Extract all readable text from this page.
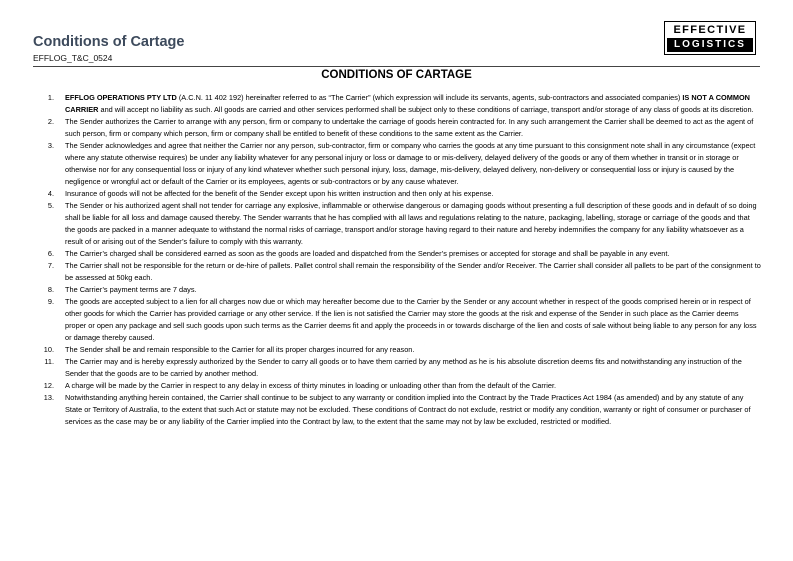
Conditions of Cartage
EFFLOG_T&C_0524
EFFECTIVE
LOGISTICS
CONDITIONS OF CARTAGE
1.	EFFLOG OPERATIONS PTY LTD (A.C.N. 11 402 192) hereinafter referred to as “The Carrier” (which expression will include its servants, agents, sub-contractors and associated companies) IS NOT A COMMON CARRIER and will accept no liability as such. All goods are carried and other services performed shall be subject only to these conditions of carriage, transport and/or storage of any class of goods at its discretion.
2.	The Sender authorizes the Carrier to arrange with any person, firm or company to undertake the carriage of goods herein contracted for. In any such arrangement the Carrier shall be deemed to act as the agent of such person, firm or company which person, firm or company shall be entitled to benefit of these conditions to the same extent as the Carrier.
3.	The Sender acknowledges and agree that neither the Carrier nor any person, sub-contractor, firm or company who carries the goods at any time pursuant to this consignment note shall in any circumstance (expect where any statute otherwise requires) be under any liability whatever for any personal injury or loss or damage to or mis-delivery, delayed delivery of the goods or any of them whether in transit or in storage or otherwise nor for any consequential loss or injury of any kind whatever whether such personal injury, loss, damage, mis-delivery, delayed delivery, non-delivery or consequential loss or injury is caused by the negligence or wrongful act or default of the Carrier or its employees, agents or sub-contractors or by any cause whatever.
4.	Insurance of goods will not be affected for the benefit of the Sender except upon his written instruction and then only at his expense.
5.	The Sender or his authorized agent shall not tender for carriage any explosive, inflammable or otherwise dangerous or damaging goods without presenting a full description of these goods and in default of so doing shall be liable for all loss and damage caused thereby. The Sender warrants that he has complied with all laws and regulations relating to the nature, packaging, labelling, storage or carriage of the goods and that the goods are packed in a manner adequate to withstand the normal risks of carriage, transport and/or storage having regard to their nature and hereby indemnifies the company for any liability whatsoever as a result of or arising out of the Sender’s failure to comply with this warranty.
6.	The Carrier’s charged shall be considered earned as soon as the goods are loaded and dispatched from the Sender’s premises or accepted for storage and shall be payable in any event.
7.	The Carrier shall not be responsible for the return or de-hire of pallets. Pallet control shall remain the responsibility of the Sender and/or Receiver. The Carrier shall consider all pallets to be part of the consignment to be assessed at 50kg each.
8.	The Carrier’s payment terms are 7 days.
9.	The goods are accepted subject to a lien for all charges now due or which may hereafter become due to the Carrier by the Sender or any account whether in respect of the goods comprised herein or in respect of other goods for which the Carrier has provided carriage or any other service. If the lien is not satisfied the Carrier may store the goods at the risk and expense of the Sender in such place as the Carrier deems proper or open any package and sell such goods upon such terms as the Carrier deems fit and apply the proceeds in or towards discharge of the lien and costs of sale without being liable to any person for any loss or damage thereby caused.
10.	The Sender shall be and remain responsible to the Carrier for all its proper charges incurred for any reason.
11.	The Carrier may and is hereby expressly authorized by the Sender to carry all goods or to have them carried by any method as he is his absolute discretion deems fits and notwithstanding any instruction of the Sender that the goods are to be carried by another method.
12.	A charge will be made by the Carrier in respect to any delay in excess of thirty minutes in loading or unloading other than from the default of the Carrier.
13.	Notwithstanding anything herein contained, the Carrier shall continue to be subject to any warranty or condition implied into the Contract by the Trade Practices Act 1984 (as amended) and by any statute of any State or Territory of Australia, to the extent that such Act or statute may not be excluded. These conditions of Contract do not exclude, restrict or modify any condition, warranty or right of consumer or purchaser of services as the case may be or any liability of the Carrier implied into the Contract by law, to the extent that the same may not by law be excluded, restricted or modified.
